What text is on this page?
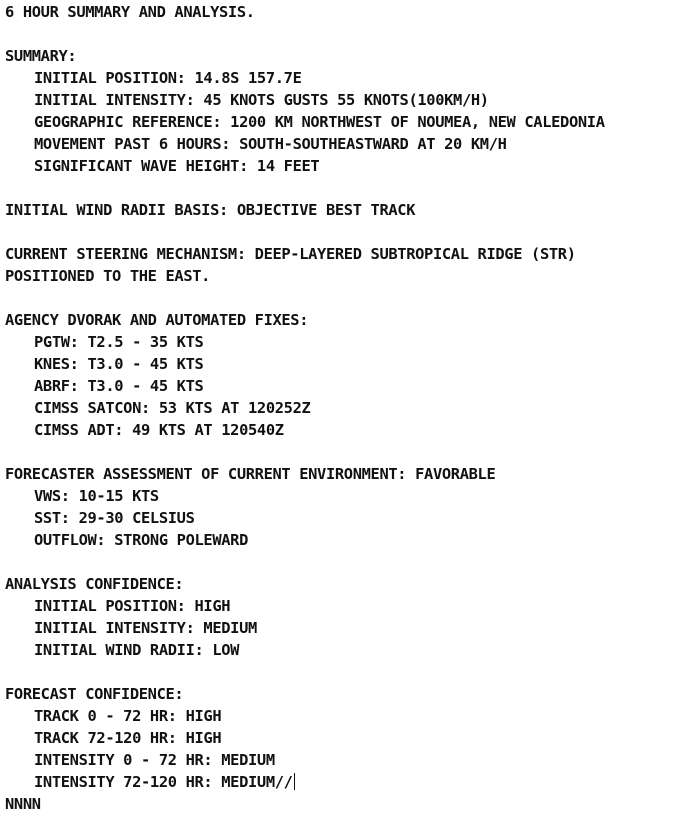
6 HOUR SUMMARY AND ANALYSIS.
SUMMARY:
INITIAL POSITION: 14.8S 157.7E
INITIAL INTENSITY: 45 KNOTS GUSTS 55 KNOTS(100KM/H)
GEOGRAPHIC REFERENCE: 1200 KM NORTHWEST OF NOUMEA, NEW CALEDONIA
MOVEMENT PAST 6 HOURS: SOUTH-SOUTHEASTWARD AT 20 KM/H
SIGNIFICANT WAVE HEIGHT: 14 FEET
INITIAL WIND RADII BASIS: OBJECTIVE BEST TRACK
CURRENT STEERING MECHANISM: DEEP-LAYERED SUBTROPICAL RIDGE (STR)
POSITIONED TO THE EAST.
AGENCY DVORAK AND AUTOMATED FIXES:
PGTW: T2.5 - 35 KTS
KNES: T3.0 - 45 KTS
ABRF: T3.0 - 45 KTS
CIMSS SATCON: 53 KTS AT 120252Z
CIMSS ADT: 49 KTS AT 120540Z
FORECASTER ASSESSMENT OF CURRENT ENVIRONMENT: FAVORABLE
VWS: 10-15 KTS
SST: 29-30 CELSIUS
OUTFLOW: STRONG POLEWARD
ANALYSIS CONFIDENCE:
INITIAL POSITION: HIGH
INITIAL INTENSITY: MEDIUM
INITIAL WIND RADII: LOW
FORECAST CONFIDENCE:
TRACK 0 - 72 HR: HIGH
TRACK 72-120 HR: HIGH
INTENSITY 0 - 72 HR: MEDIUM
INTENSITY 72-120 HR: MEDIUM//
NNNN
